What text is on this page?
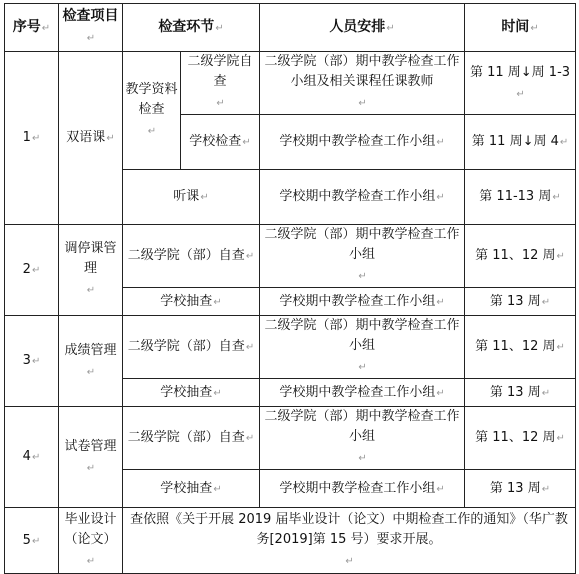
序号↵	检查项目↵	检查环节↵		人员安排↵	时间↵
1↵	双语课↵	教学资料检查↵	二级学院自查↵	二级学院（部）期中教学检查工作小组及相关课程任课教师↵	第 11 周↓周 1-3↵
			学校检查↵	学校期中教学检查工作小组↵	第 11 周↓周 4↵
		听课↵		学校期中教学检查工作小组↵	第 11-13 周↵
2↵	调停课管理↵	二级学院（部）自查↵		二级学院（部）期中教学检查工作小组↵	第 11、12 周↵
		学校抽查↵		学校期中教学检查工作小组↵	第 13 周↵
3↵	成绩管理↵	二级学院（部）自查↵		二级学院（部）期中教学检查工作小组↵	第 11、12 周↵
		学校抽查↵		学校期中教学检查工作小组↵	第 13 周↵
4↵	试卷管理↵	二级学院（部）自查↵		二级学院（部）期中教学检查工作小组↵	第 11、12 周↵
		学校抽查↵		学校期中教学检查工作小组↵	第 13 周↵
5↵	毕业设计（论文）↵	查依照《关于开展 2019 届毕业设计（论文）中期检查工作的通知》（华广教务[2019]第 15 号）要求开展。↵			
